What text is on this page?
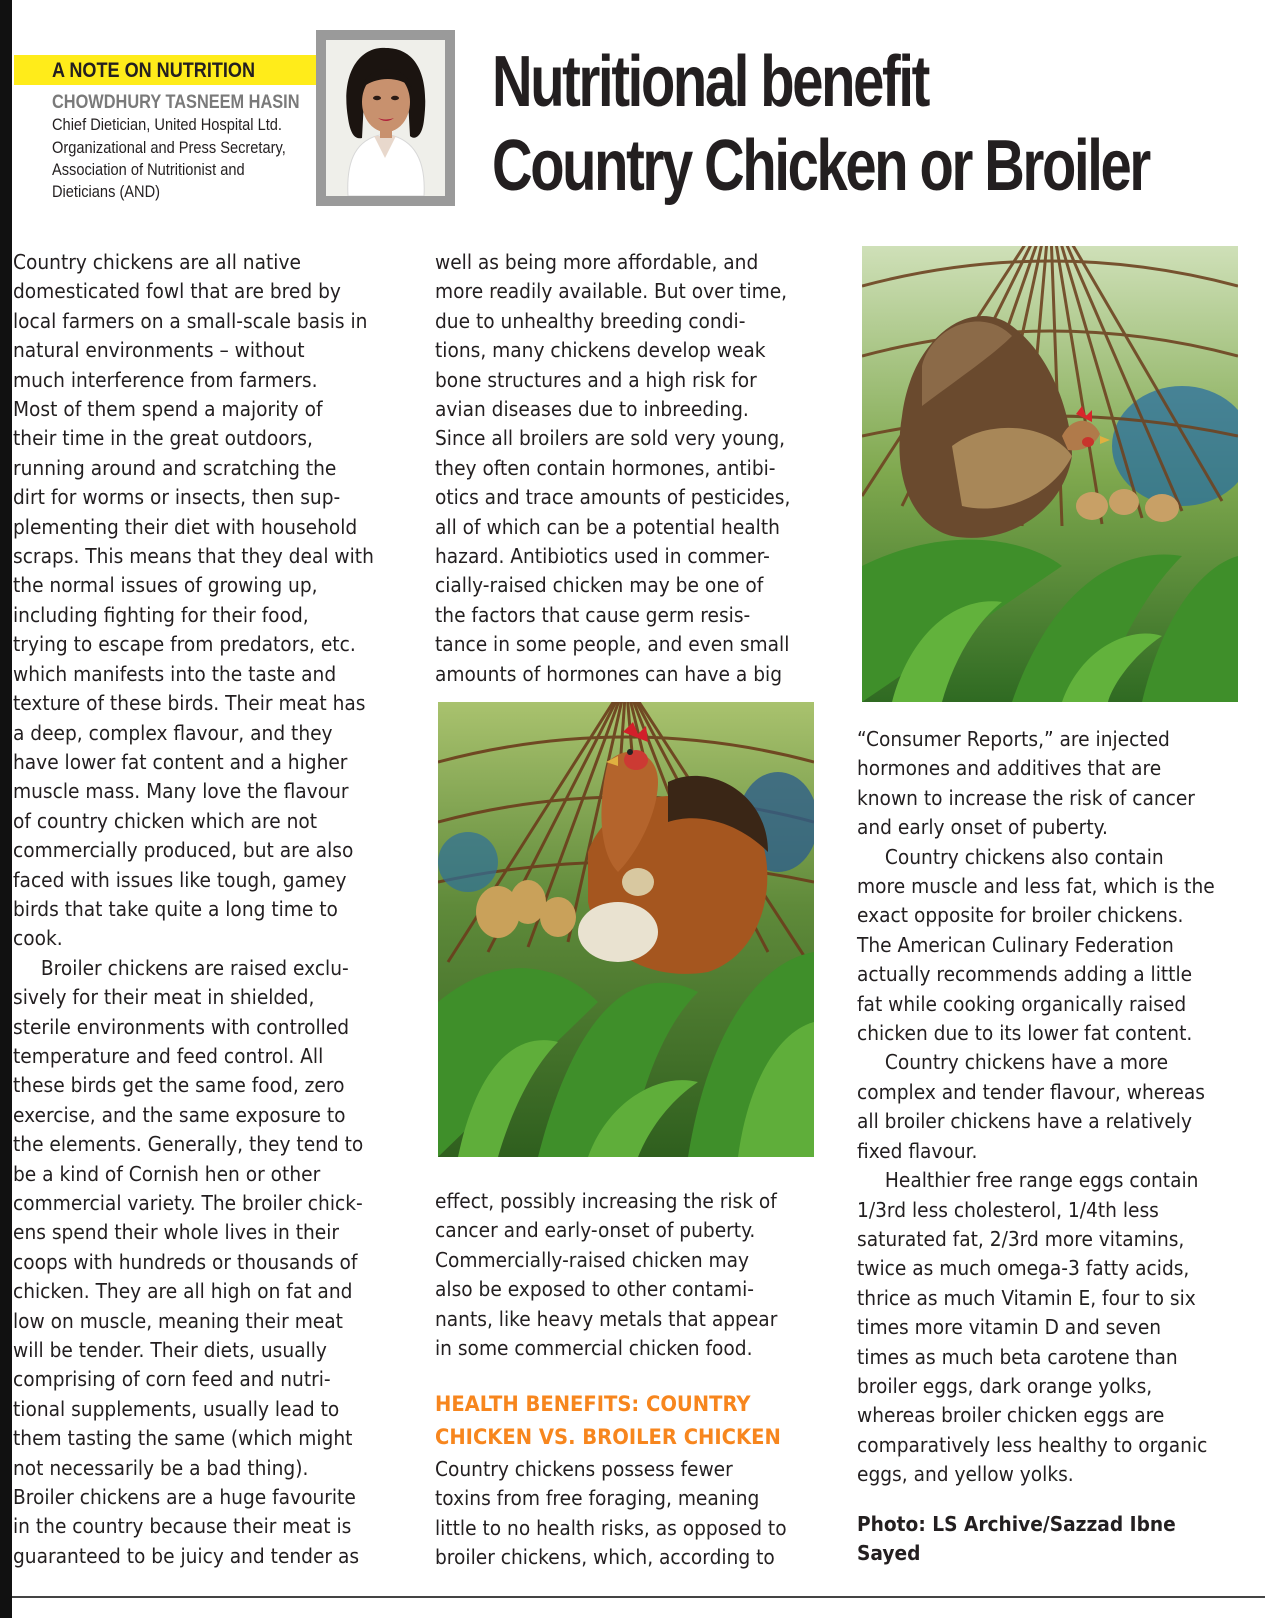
A NOTE ON NUTRITION
CHOWDHURY TASNEEM HASIN
Chief Dietician, United Hospital Ltd.
Organizational and Press Secretary,
Association of Nutritionist and
Dieticians (AND)
Nutritional benefit
Country Chicken or Broiler
Country chickens are all native
domesticated fowl that are bred by
local farmers on a small-scale basis in
natural environments – without
much interference from farmers.
Most of them spend a majority of
their time in the great outdoors,
running around and scratching the
dirt for worms or insects, then sup-
plementing their diet with household
scraps. This means that they deal with
the normal issues of growing up,
including fighting for their food,
trying to escape from predators, etc.
which manifests into the taste and
texture of these birds. Their meat has
a deep, complex flavour, and they
have lower fat content and a higher
muscle mass. Many love the flavour
of country chicken which are not
commercially produced, but are also
faced with issues like tough, gamey
birds that take quite a long time to
cook.
Broiler chickens are raised exclu-
sively for their meat in shielded,
sterile environments with controlled
temperature and feed control. All
these birds get the same food, zero
exercise, and the same exposure to
the elements. Generally, they tend to
be a kind of Cornish hen or other
commercial variety. The broiler chick-
ens spend their whole lives in their
coops with hundreds or thousands of
chicken. They are all high on fat and
low on muscle, meaning their meat
will be tender. Their diets, usually
comprising of corn feed and nutri-
tional supplements, usually lead to
them tasting the same (which might
not necessarily be a bad thing).
Broiler chickens are a huge favourite
in the country because their meat is
guaranteed to be juicy and tender as
well as being more affordable, and
more readily available. But over time,
due to unhealthy breeding condi-
tions, many chickens develop weak
bone structures and a high risk for
avian diseases due to inbreeding.
Since all broilers are sold very young,
they often contain hormones, antibi-
otics and trace amounts of pesticides,
all of which can be a potential health
hazard. Antibiotics used in commer-
cially-raised chicken may be one of
the factors that cause germ resis-
tance in some people, and even small
amounts of hormones can have a big
effect, possibly increasing the risk of
cancer and early-onset of puberty.
Commercially-raised chicken may
also be exposed to other contami-
nants, like heavy metals that appear
in some commercial chicken food.
HEALTH BENEFITS: COUNTRY
CHICKEN VS. BROILER CHICKEN
Country chickens possess fewer
toxins from free foraging, meaning
little to no health risks, as opposed to
broiler chickens, which, according to
“Consumer Reports,” are injected
hormones and additives that are
known to increase the risk of cancer
and early onset of puberty.
Country chickens also contain
more muscle and less fat, which is the
exact opposite for broiler chickens.
The American Culinary Federation
actually recommends adding a little
fat while cooking organically raised
chicken due to its lower fat content.
Country chickens have a more
complex and tender flavour, whereas
all broiler chickens have a relatively
fixed flavour.
Healthier free range eggs contain
1/3rd less cholesterol, 1/4th less
saturated fat, 2/3rd more vitamins,
twice as much omega-3 fatty acids,
thrice as much Vitamin E, four to six
times more vitamin D and seven
times as much beta carotene than
broiler eggs, dark orange yolks,
whereas broiler chicken eggs are
comparatively less healthy to organic
eggs, and yellow yolks.
Photo: LS Archive/Sazzad Ibne
Sayed
